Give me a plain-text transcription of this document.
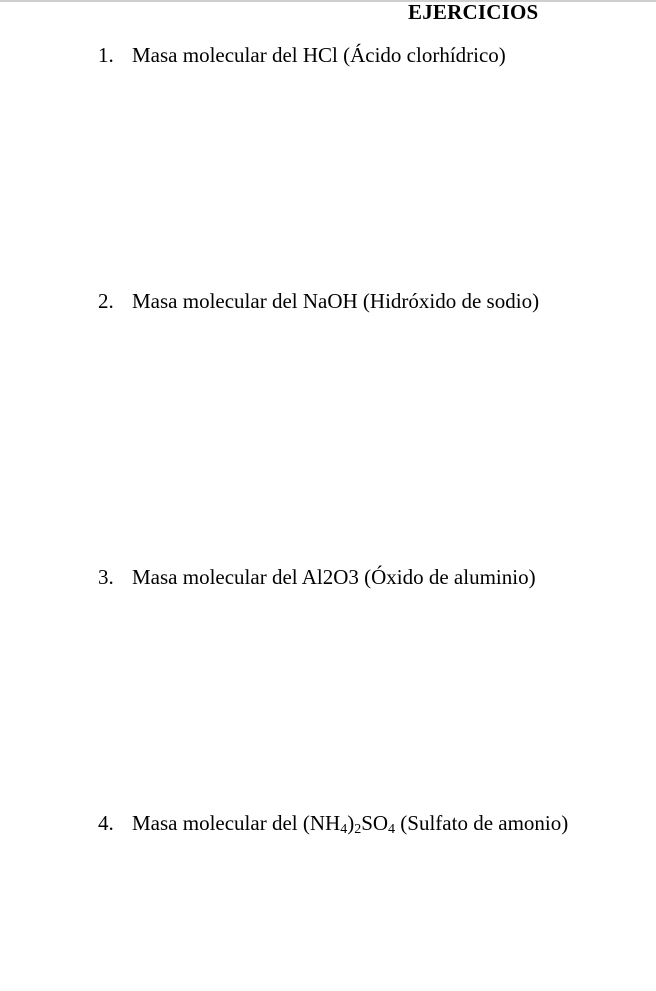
EJERCICIOS
1. Masa molecular del HCl (Ácido clorhídrico)
2. Masa molecular del NaOH (Hidróxido de sodio)
3. Masa molecular del Al2O3 (Óxido de aluminio)
4. Masa molecular del $(NH_4)_2SO_4$ (Sulfato de amonio)
